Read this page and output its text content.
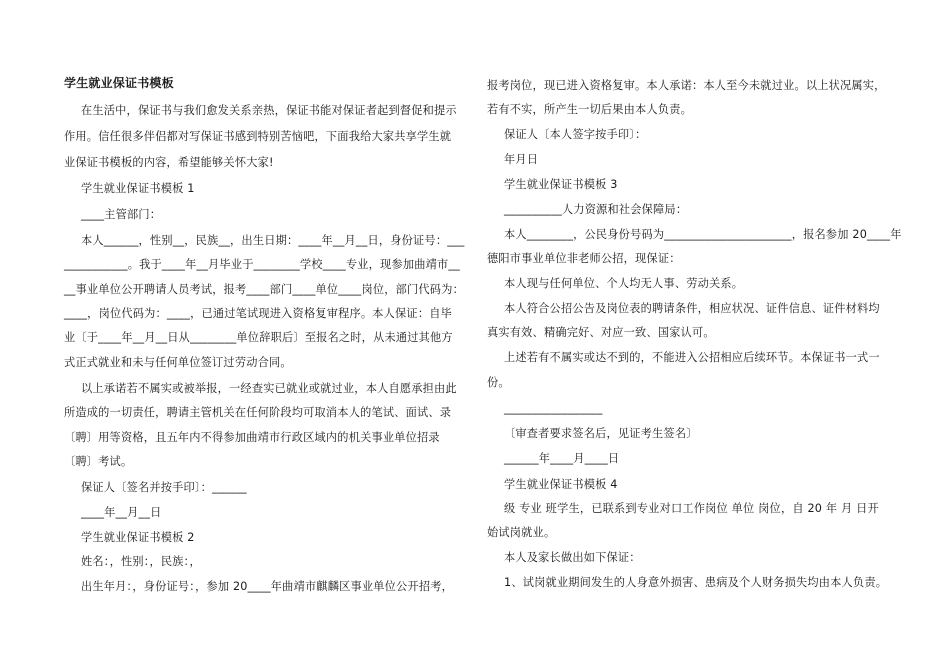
学生就业保证书模板
在生活中，保证书与我们愈发关系亲热，保证书能对保证者起到督促和提示
作用。信任很多伴侣都对写保证书感到特别苦恼吧，下面我给大家共享学生就
业保证书模板的内容，希望能够关怀大家!
学生就业保证书模板 1
____主管部门：
本人______，性别__，民族__，出生日期：____年__月__日，身份证号：___
___________。我于____年__月毕业于________学校____专业，现参加曲靖市__
__事业单位公开聘请人员考试，报考____部门____单位____岗位，部门代码为：
____，岗位代码为：____，已通过笔试现进入资格复审程序。本人保证：自毕
业〔于____年__月__日从________单位辞职后〕至报名之时，从未通过其他方
式正式就业和未与任何单位签订过劳动合同。
以上承诺若不属实或被举报，一经查实已就业或就过业，本人自愿承担由此
所造成的一切责任，聘请主管机关在任何阶段均可取消本人的笔试、面试、录
〔聘〕用等资格，且五年内不得参加曲靖市行政区域内的机关事业单位招录
〔聘〕考试。
保证人〔签名并按手印〕：______
____年__月__日
学生就业保证书模板 2
姓名：，性别：，民族：，
出生年月：，身份证号：，参加 20____年曲靖市麒麟区事业单位公开招考，
报考岗位，现已进入资格复审。本人承诺：本人至今未就过业。以上状况属实，
若有不实，所产生一切后果由本人负责。
保证人〔本人签字按手印〕：
年月日
学生就业保证书模板 3
__________人力资源和社会保障局：
本人________，公民身份号码为______________________，报名参加 20____年
德阳市事业单位非老师公招，现保证：
本人现与任何单位、个人均无人事、劳动关系。
本人符合公招公告及岗位表的聘请条件，相应状况、证件信息、证件材料均
真实有效、精确完好、对应一致、国家认可。
上述若有不属实或达不到的，不能进入公招相应后续环节。本保证书一式一
份。
_________________
〔审查者要求签名后，见证考生签名〕
______年____月____日
学生就业保证书模板 4
级 专业 班学生，已联系到专业对口工作岗位 单位 岗位，自 20 年 月 日开
始试岗就业。
本人及家长做出如下保证：
1、试岗就业期间发生的人身意外损害、患病及个人财务损失均由本人负责。
